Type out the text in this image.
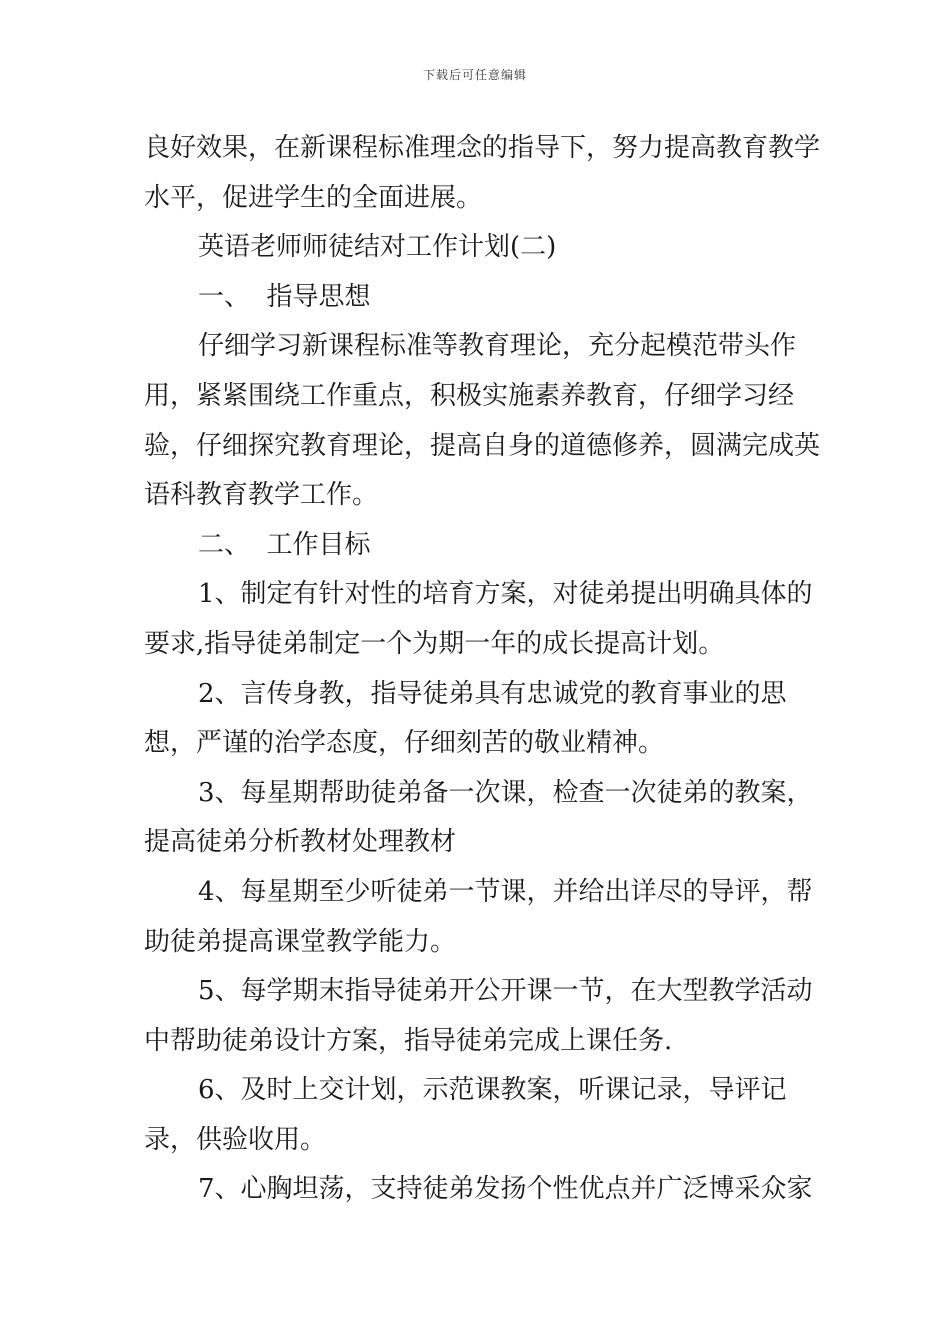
下载后可任意编辑

良好效果，在新课程标准理念的指导下，努力提高教育教学水平，促进学生的全面进展。

英语老师师徒结对工作计划(二)

一、  指导思想

仔细学习新课程标准等教育理论，充分起模范带头作用，紧紧围绕工作重点，积极实施素养教育，仔细学习经验，仔细探究教育理论，提高自身的道德修养，圆满完成英语科教育教学工作。

二、  工作目标

1、制定有针对性的培育方案，对徒弟提出明确具体的要求,指导徒弟制定一个为期一年的成长提高计划。

2、言传身教，指导徒弟具有忠诚党的教育事业的思想，严谨的治学态度，仔细刻苦的敬业精神。

3、每星期帮助徒弟备一次课，检查一次徒弟的教案，提高徒弟分析教材处理教材

4、每星期至少听徒弟一节课，并给出详尽的导评，帮助徒弟提高课堂教学能力。

5、每学期末指导徒弟开公开课一节，在大型教学活动中帮助徒弟设计方案，指导徒弟完成上课任务.

6、及时上交计划，示范课教案，听课记录，导评记录，供验收用。

7、心胸坦荡，支持徒弟发扬个性优点并广泛博采众家
